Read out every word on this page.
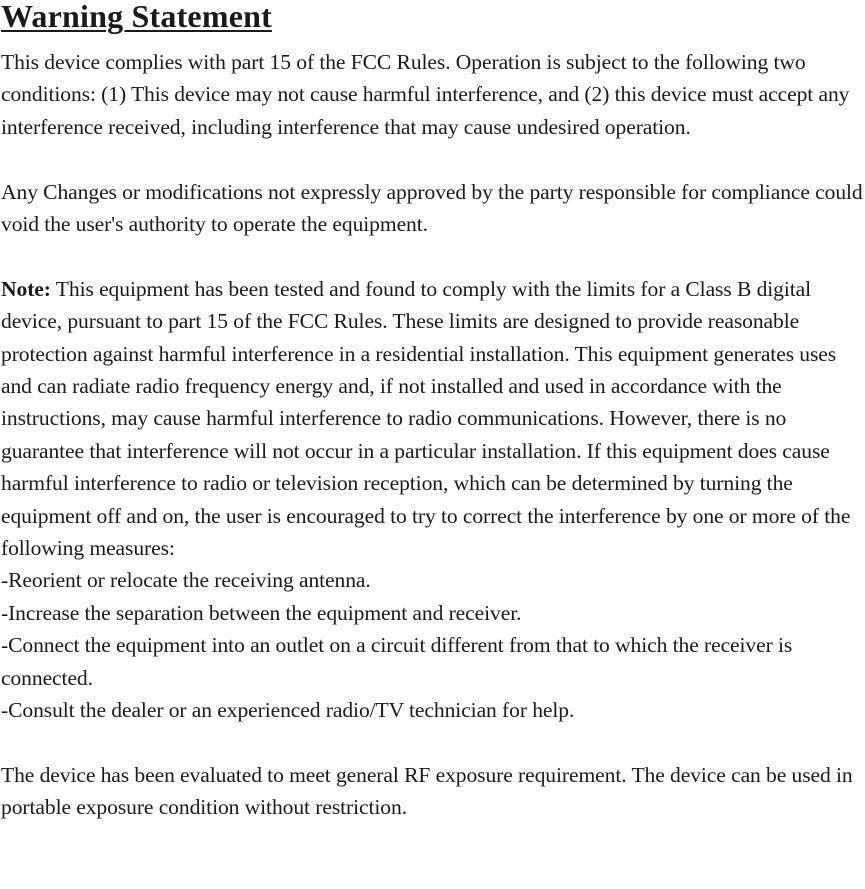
Warning Statement

This device complies with part 15 of the FCC Rules. Operation is subject to the following two conditions: (1) This device may not cause harmful interference, and (2) this device must accept any interference received, including interference that may cause undesired operation.

Any Changes or modifications not expressly approved by the party responsible for compliance could void the user's authority to operate the equipment.

Note: This equipment has been tested and found to comply with the limits for a Class B digital device, pursuant to part 15 of the FCC Rules. These limits are designed to provide reasonable protection against harmful interference in a residential installation. This equipment generates uses and can radiate radio frequency energy and, if not installed and used in accordance with the instructions, may cause harmful interference to radio communications. However, there is no guarantee that interference will not occur in a particular installation. If this equipment does cause harmful interference to radio or television reception, which can be determined by turning the equipment off and on, the user is encouraged to try to correct the interference by one or more of the following measures:

-Reorient or relocate the receiving antenna.

-Increase the separation between the equipment and receiver.

-Connect the equipment into an outlet on a circuit different from that to which the receiver is connected.

-Consult the dealer or an experienced radio/TV technician for help.

The device has been evaluated to meet general RF exposure requirement. The device can be used in portable exposure condition without restriction.
